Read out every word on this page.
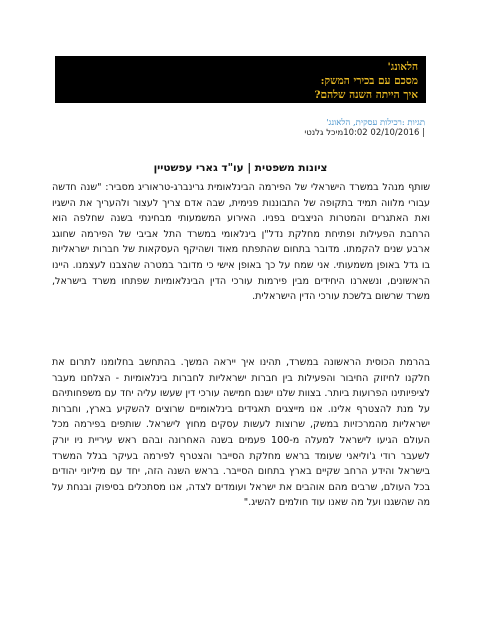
הלאונג'
מסכם עם בכירי המשק:
איך הייתה השנה שלהם?
תגיות :רכילות עסקית, הלאונג'
| 02/10/2016 10:02מיכל גלנטי
ציונות משפטית | עו"ד גארי עפשטיין
שותף מנהל במשרד הישראלי של הפירמה הבינלאומית גרינברג-טראוריג מסביר: "שנה חדשה עבורי מלווה תמיד בתקופה של התבוננות פנימית, שבה אדם צריך לעצור ולהעריך את הישגיו ואת האתגרים והמטרות הניצבים בפניו. האירוע המשמעותי מבחינתי בשנה שחלפה הוא הרחבת הפעילות ופתיחת מחלקת נדל"ן בינלאומי במשרד התל אביבי של הפירמה שחוגג ארבע שנים להקמתו. מדובר בתחום שהתפתח מאוד ושהיקף העסקאות של חברות ישראליות בו גדל באופן משמעותי. אני שמח על כך באופן אישי כי מדובר במטרה שהצבנו לעצמנו. היינו הראשונים, ונשארנו היחידים מבין פירמות עורכי הדין הבינלאומיות שפתחו משרד בישראל, משרד שרשום בלשכת עורכי הדין הישראלית.
בהרמת הכוסית הראשונה במשרד, תהינו איך ייראה המשך. בהתחשב בחלומנו לתרום את חלקנו לחיזוק החיבור והפעילות בין חברות ישראליות לחברות בינלאומיות - הצלחנו מעבר לציפיותינו הפרועות ביותר. בצוות שלנו ישנם חמישה עורכי דין שעשו עליה יחד עם משפחותיהם על מנת להצטרף אלינו. אנו מייצגים תאגידים בינלאומיים שרוצים להשקיע בארץ, וחברות ישראליות מהמרכזיות במשק, שרוצות לעשות עסקים מחוץ לישראל. שותפים בפירמה מכל העולם הגיעו לישראל למעלה מ-100 פעמים בשנה האחרונה ובהם ראש עיריית ניו יורק לשעבר רודי ג'וליאני שעומד בראש מחלקת הסייבר והצטרף לפירמה בעיקר בגלל המשרד בישראל והידע הרחב שקיים בארץ בתחום הסייבר. בראש השנה הזה, יחד עם מיליוני יהודים בכל העולם, שרבים מהם אוהבים את ישראל ועומדים לצדה, אנו מסתכלים בסיפוק ובנחת על מה שהשגנו ועל מה שאנו עוד חולמים להשיג."
